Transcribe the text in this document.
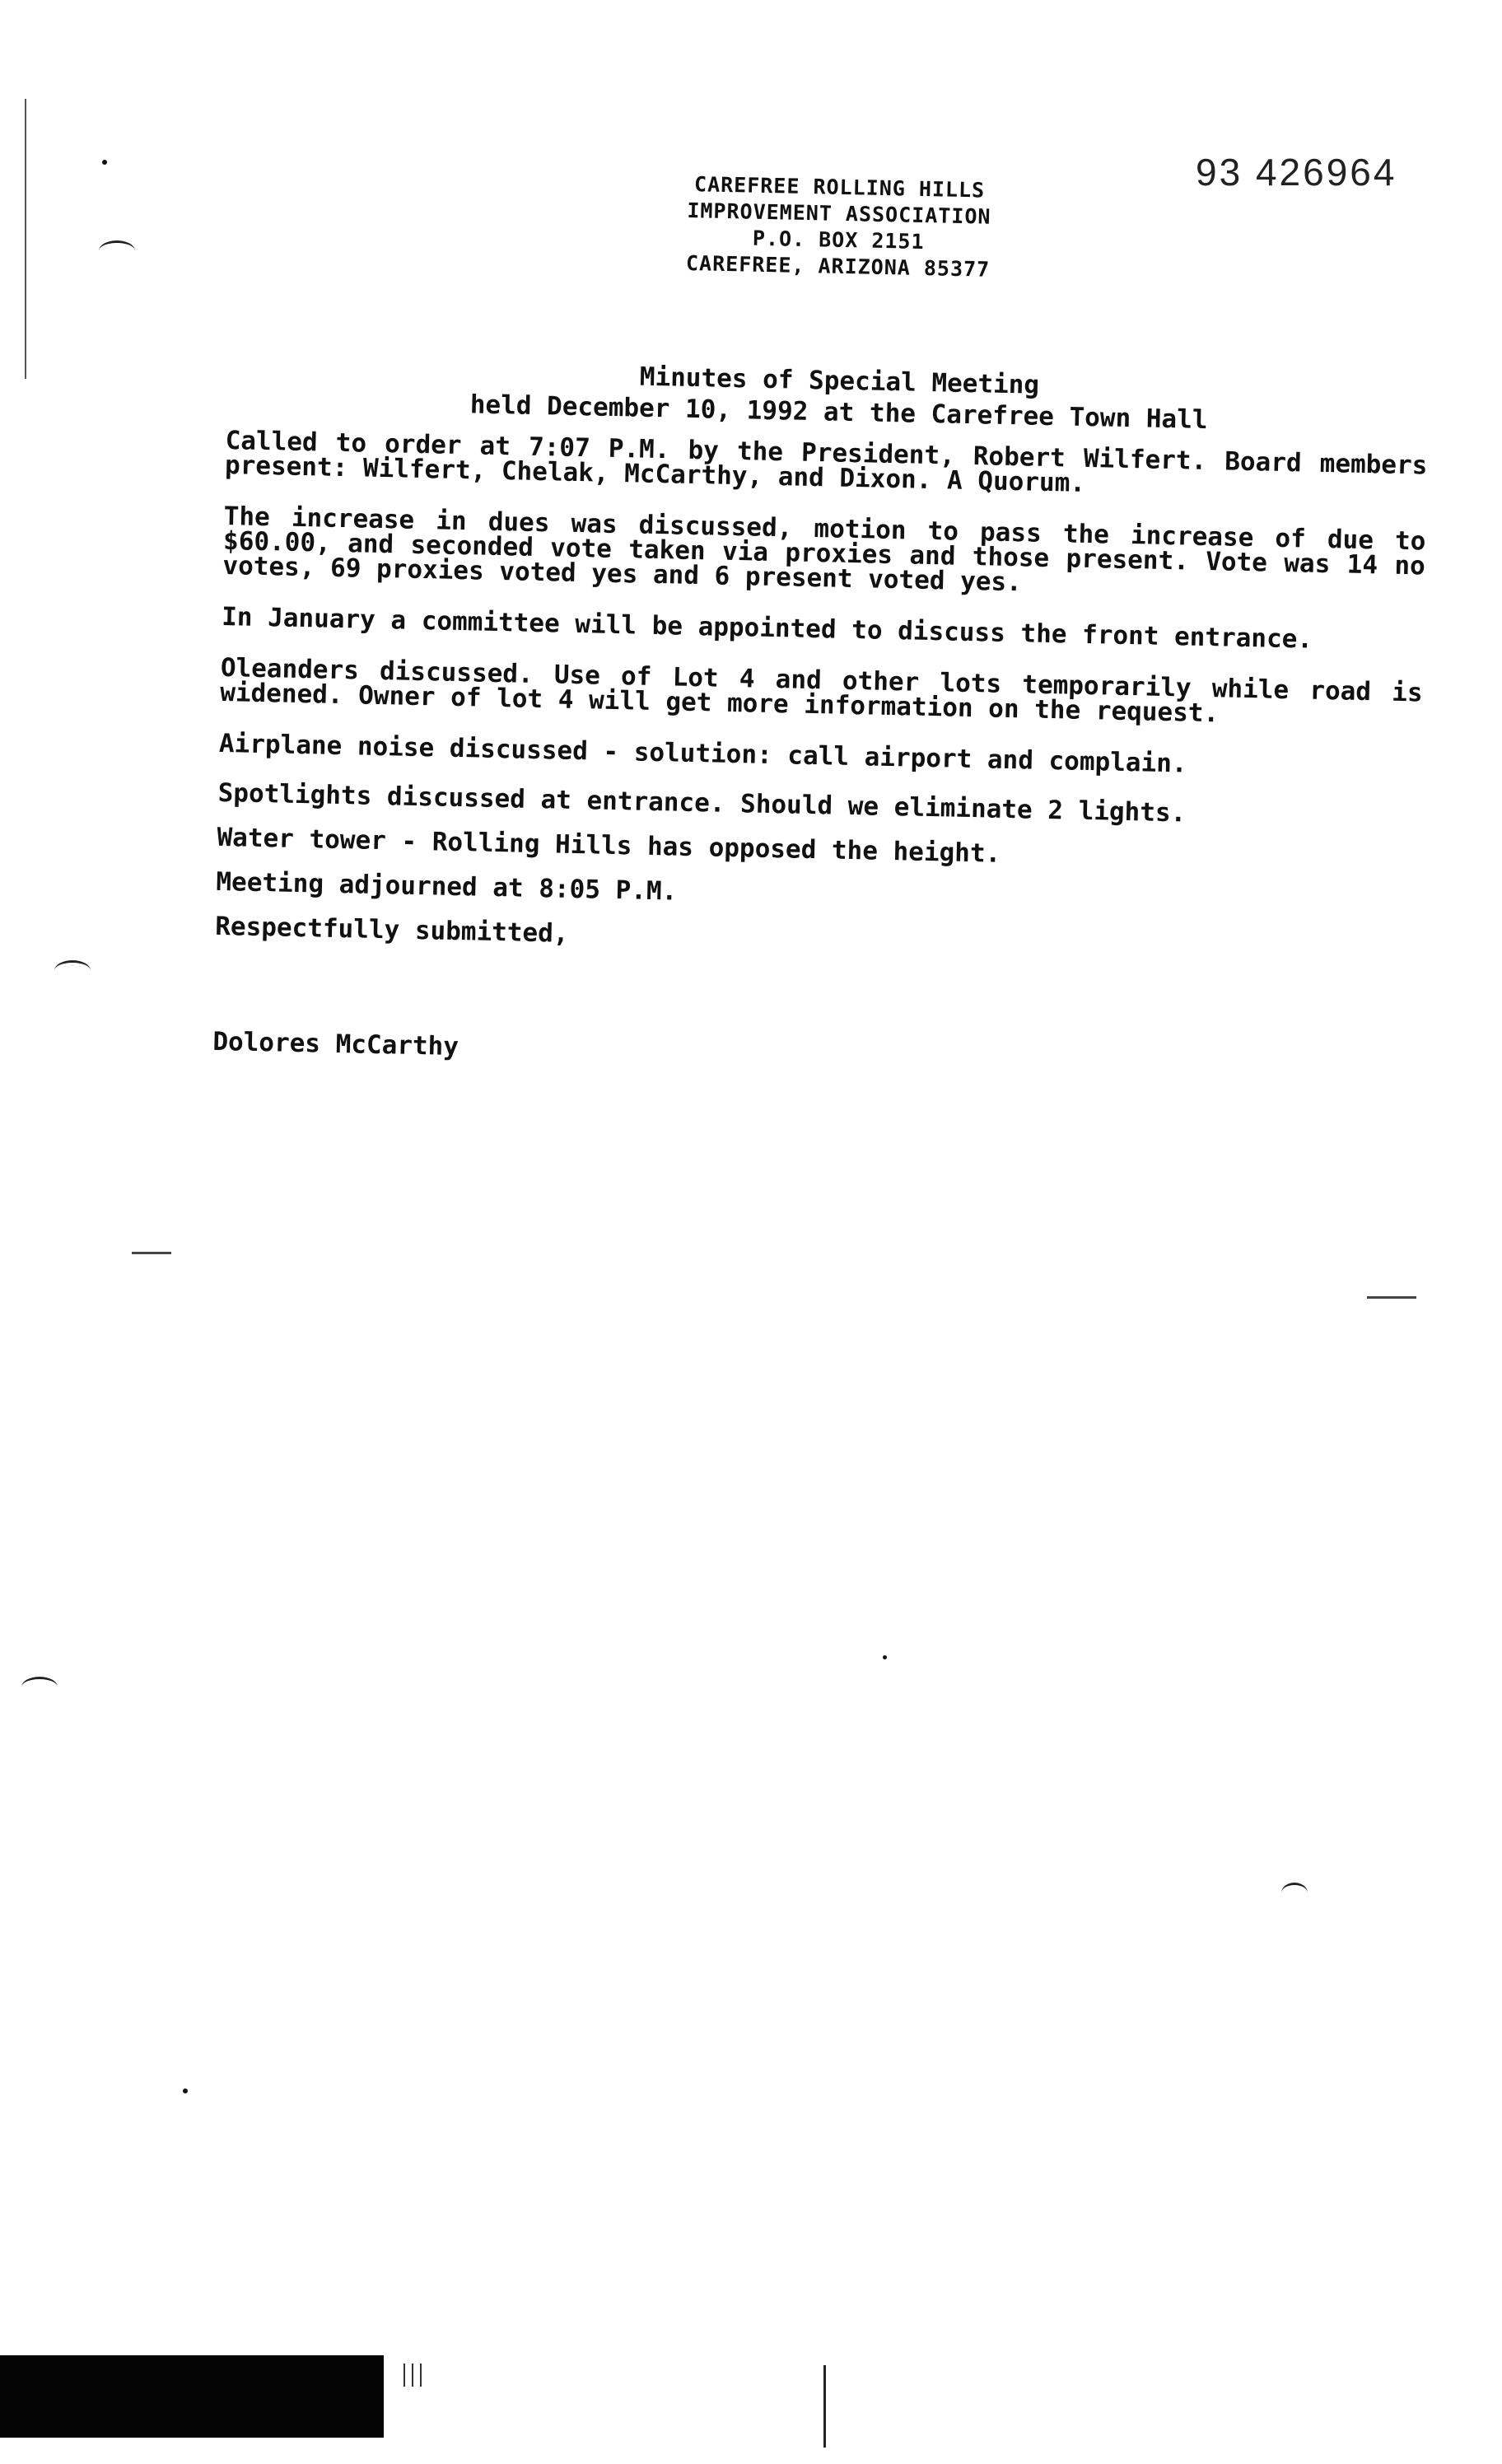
93 426964
CAREFREE ROLLING HILLS
IMPROVEMENT ASSOCIATION
P.O. BOX 2151
CAREFREE, ARIZONA 85377
Minutes of Special Meeting
held December 10, 1992 at the Carefree Town Hall

Called to order at 7:07 P.M. by the President, Robert Wilfert. Board members present: Wilfert, Chelak, McCarthy, and Dixon. A Quorum.

The increase in dues was discussed, motion to pass the increase of due to $60.00, and seconded vote taken via proxies and those present. Vote was 14 no votes, 69 proxies voted yes and 6 present voted yes.

In January a committee will be appointed to discuss the front entrance.

Oleanders discussed. Use of Lot 4 and other lots temporarily while road is widened. Owner of lot 4 will get more information on the request.

Airplane noise discussed - solution: call airport and complain.

Spotlights discussed at entrance. Should we eliminate 2 lights.

Water tower - Rolling Hills has opposed the height.

Meeting adjourned at 8:05 P.M.

Respectfully submitted,

Dolores McCarthy
